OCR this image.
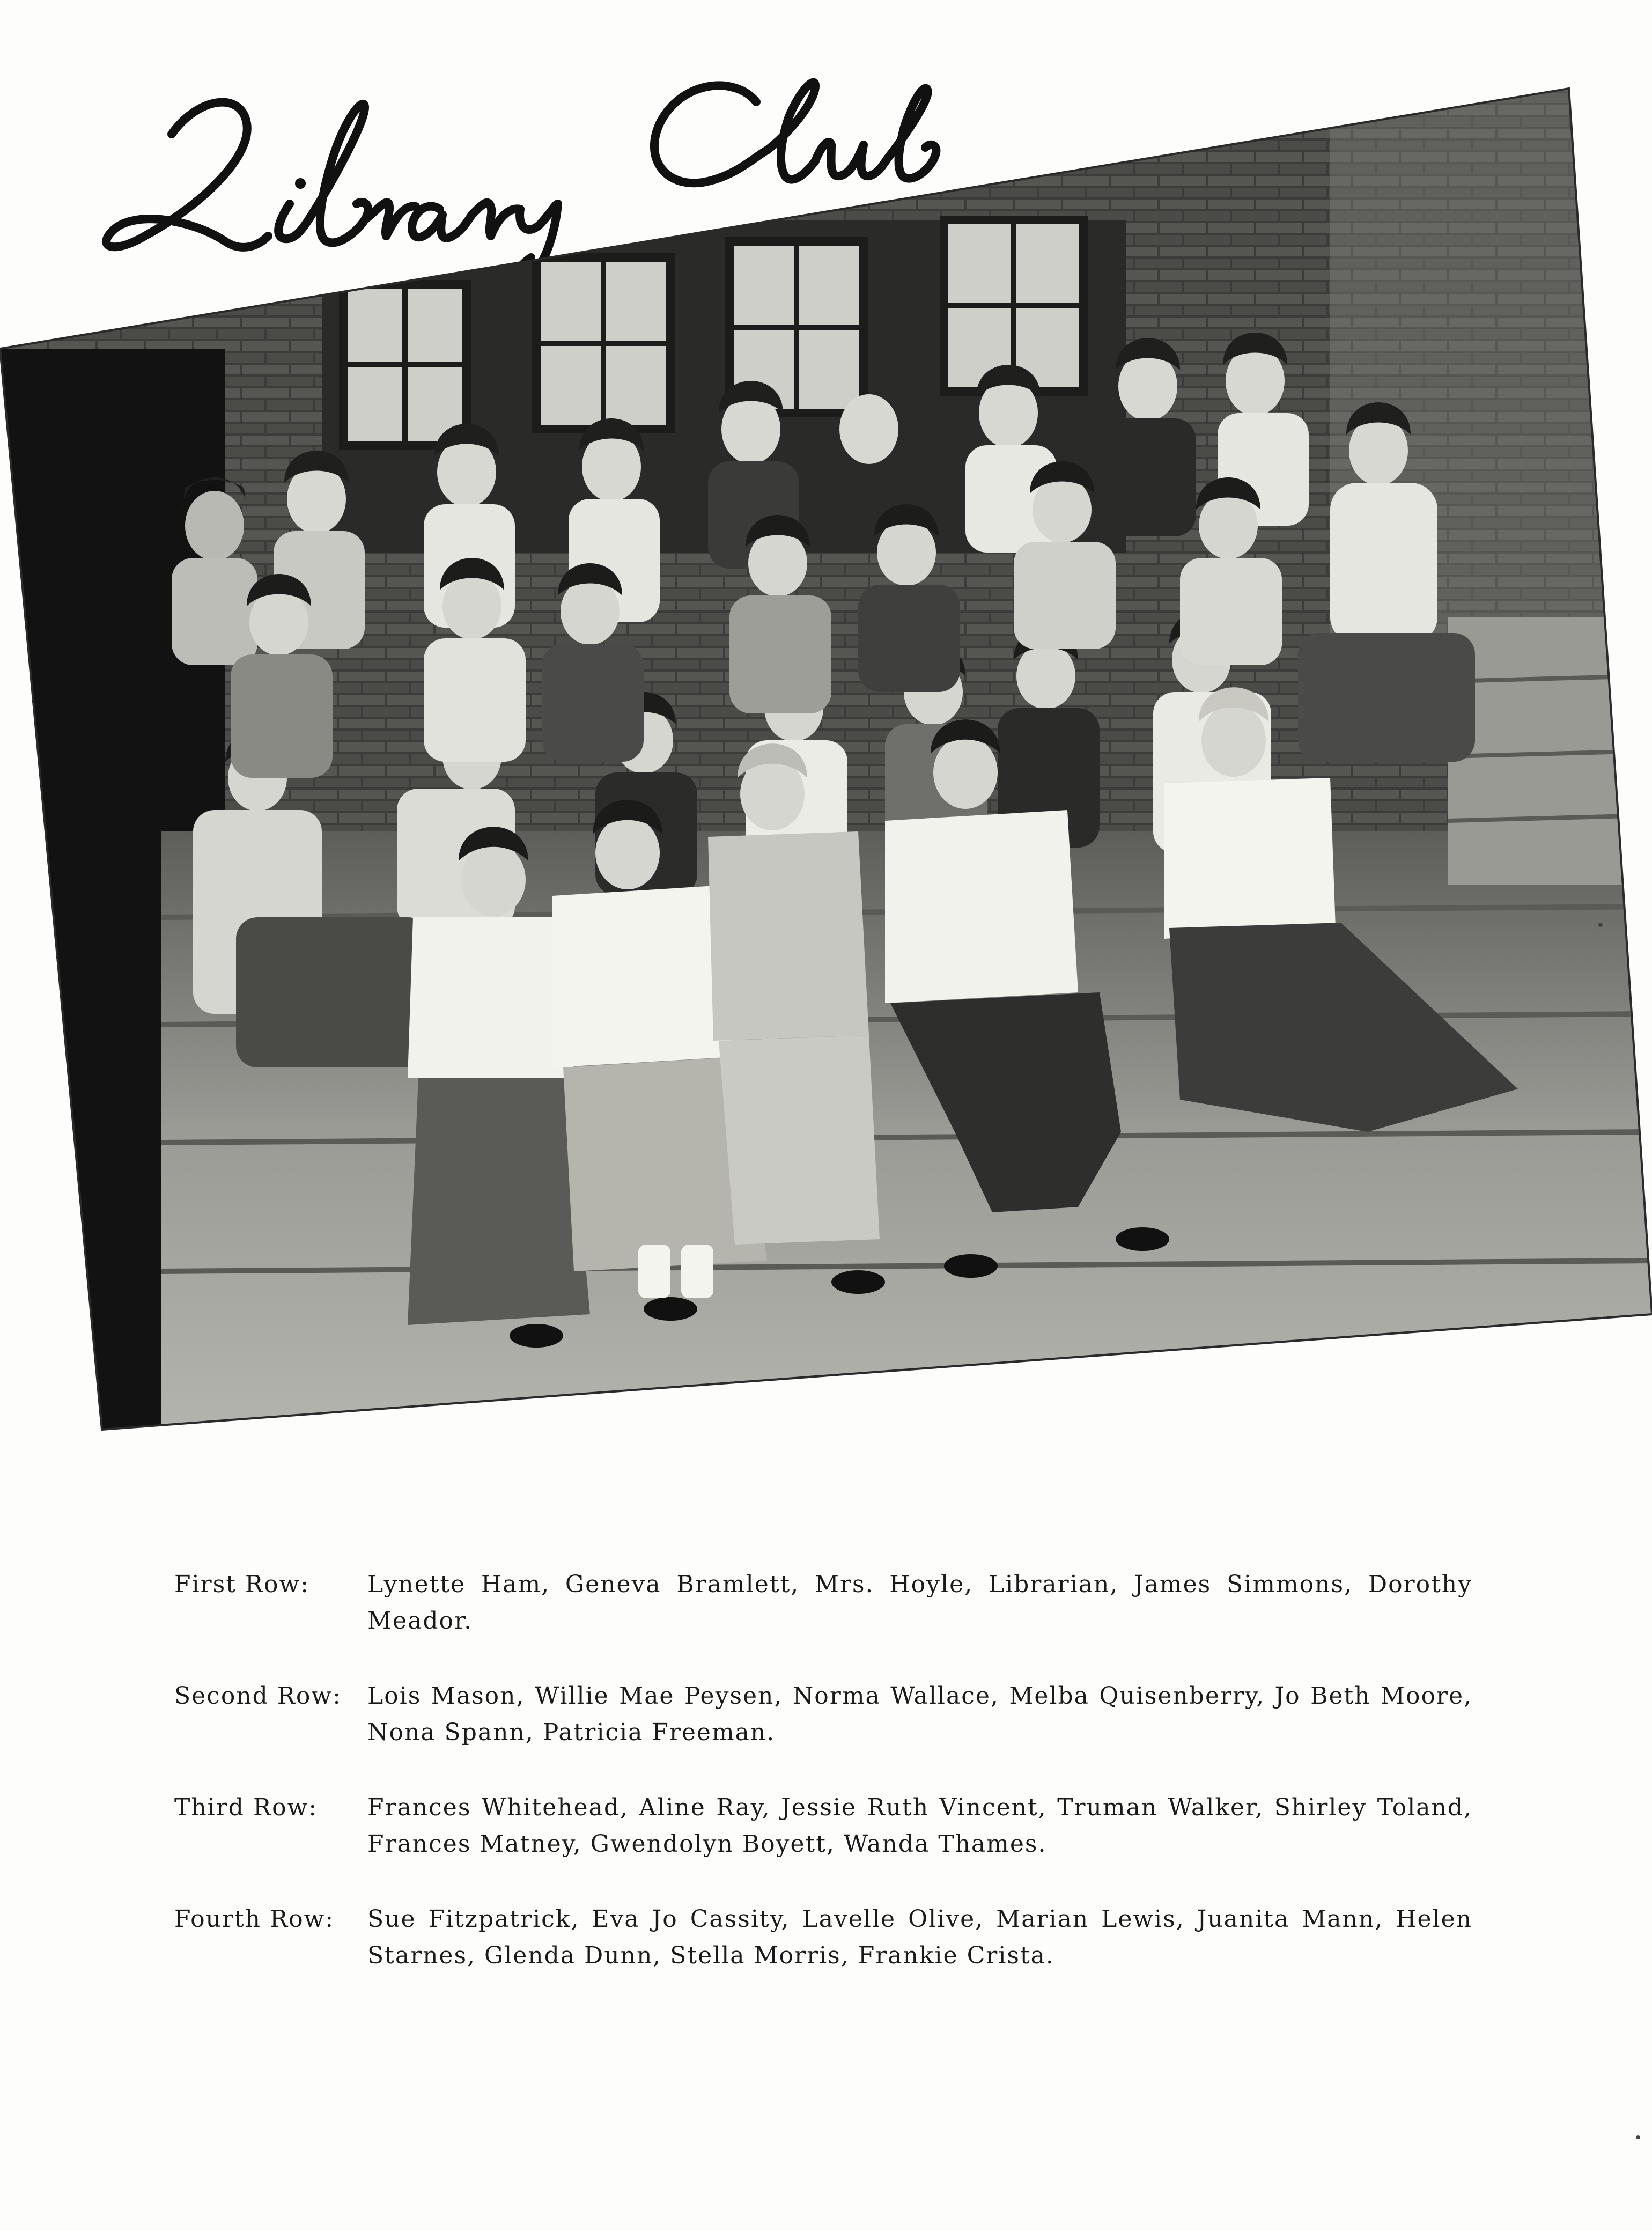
First Row:	Lynette Ham, Geneva Bramlett, Mrs. Hoyle, Librarian, James Simmons, Dorothy Meador.
Second Row:	Lois Mason, Willie Mae Peysen, Norma Wallace, Melba Quisenberry, Jo Beth Moore, Nona Spann, Patricia Freeman.
Third Row:	Frances Whitehead, Aline Ray, Jessie Ruth Vincent, Truman Walker, Shirley Toland, Frances Matney, Gwendolyn Boyett, Wanda Thames.
Fourth Row:	Sue Fitzpatrick, Eva Jo Cassity, Lavelle Olive, Marian Lewis, Juanita Mann, Helen Starnes, Glenda Dunn, Stella Morris, Frankie Crista.
